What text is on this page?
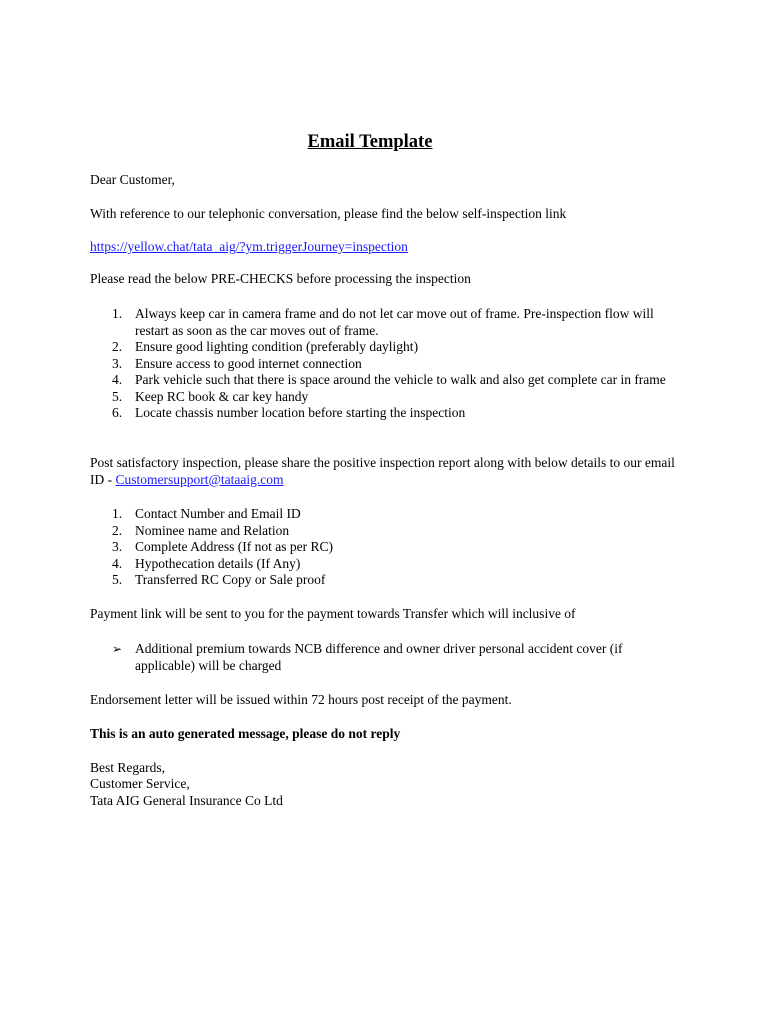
Email Template

Dear Customer,

With reference to our telephonic conversation, please find the below self-inspection link

https://yellow.chat/tata_aig/?ym.triggerJourney=inspection

Please read the below PRE-CHECKS before processing the inspection

1. Always keep car in camera frame and do not let car move out of frame. Pre-inspection flow will restart as soon as the car moves out of frame.
2. Ensure good lighting condition (preferably daylight)
3. Ensure access to good internet connection
4. Park vehicle such that there is space around the vehicle to walk and also get complete car in frame
5. Keep RC book & car key handy
6. Locate chassis number location before starting the inspection

Post satisfactory inspection, please share the positive inspection report along with below details to our email ID - Customersupport@tataaig.com

1. Contact Number and Email ID
2. Nominee name and Relation
3. Complete Address (If not as per RC)
4. Hypothecation details (If Any)
5. Transferred RC Copy or Sale proof

Payment link will be sent to you for the payment towards Transfer which will inclusive of

➢ Additional premium towards NCB difference and owner driver personal accident cover (if applicable) will be charged

Endorsement letter will be issued within 72 hours post receipt of the payment.

This is an auto generated message, please do not reply

Best Regards,

Customer Service,

Tata AIG General Insurance Co Ltd
